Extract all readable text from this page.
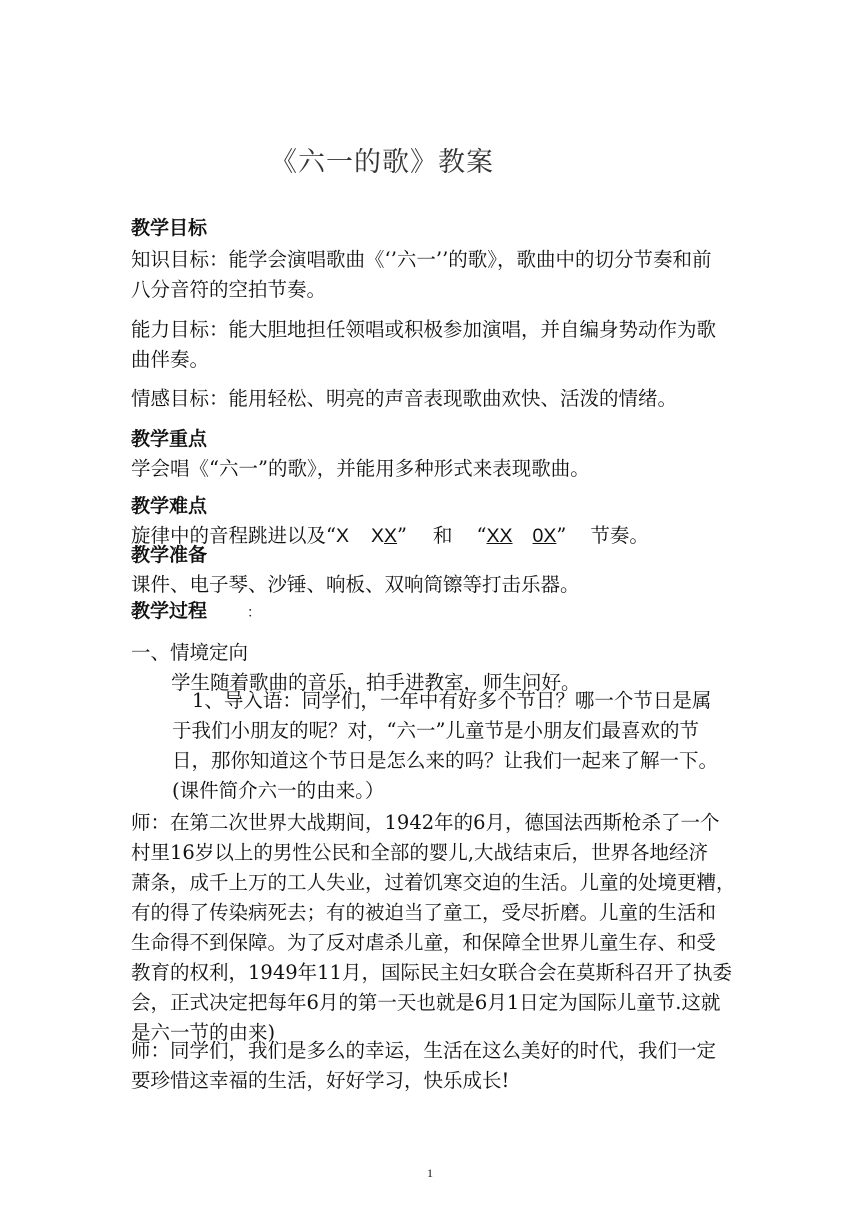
《六一的歌》教案
教学目标
知识目标：能学会演唱歌曲《‘’六一’’的歌》，歌曲中的切分节奏和前
八分音符的空拍节奏。
能力目标：能大胆地担任领唱或积极参加演唱，并自编身势动作为歌
曲伴奏。
情感目标：能用轻松、明亮的声音表现歌曲欢快、活泼的情绪。
教学重点
学会唱《“六一”的歌》，并能用多种形式来表现歌曲。
教学难点
旋律中的音程跳进以及“X XX” 和 “XX 0X” 节奏。
教学准备
课件、电子琴、沙锤、响板、双响筒镲等打击乐器。
教学过程	：
一、情境定向
学生随着歌曲的音乐，拍手进教室，师生问好。
1、导入语：同学们，一年中有好多个节日？哪一个节日是属
于我们小朋友的呢？对，“六一”儿童节是小朋友们最喜欢的节
日，那你知道这个节日是怎么来的吗？让我们一起来了解一下。
(课件简介六一的由来。）
师：在第二次世界大战期间，1942年的6月，德国法西斯枪杀了一个
村里16岁以上的男性公民和全部的婴儿,大战结束后，世界各地经济
萧条，成千上万的工人失业，过着饥寒交迫的生活。儿童的处境更糟，
有的得了传染病死去；有的被迫当了童工，受尽折磨。儿童的生活和
生命得不到保障。为了反对虐杀儿童，和保障全世界儿童生存、和受
教育的权利，1949年11月，国际民主妇女联合会在莫斯科召开了执委
会，正式决定把每年6月的第一天也就是6月1日定为国际儿童节.这就
是六一节的由来)
师：同学们，我们是多么的幸运，生活在这么美好的时代，我们一定
要珍惜这幸福的生活，好好学习，快乐成长!
1
